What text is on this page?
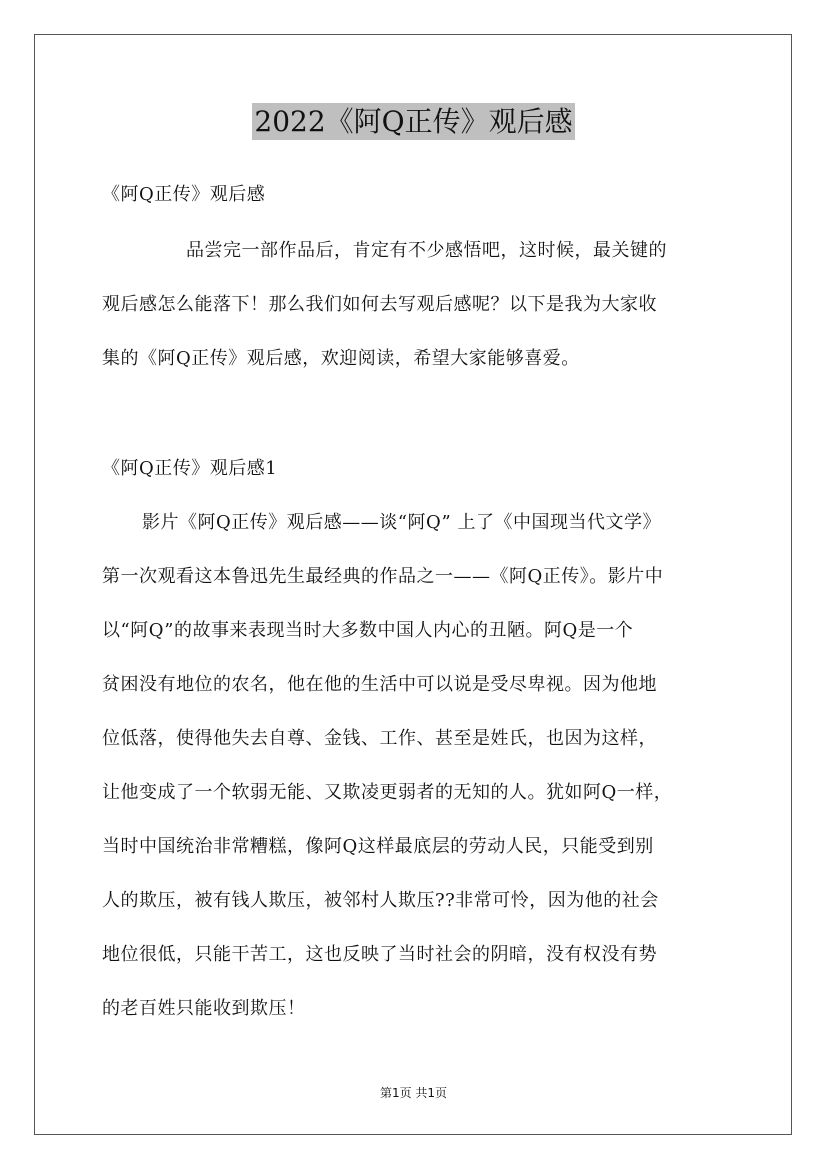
2022《阿Q正传》观后感
《阿Q正传》观后感
品尝完一部作品后，肯定有不少感悟吧，这时候，最关键的
观后感怎么能落下！那么我们如何去写观后感呢？以下是我为大家收
集的《阿Q正传》观后感，欢迎阅读，希望大家能够喜爱。
《阿Q正传》观后感1
影片《阿Q正传》观后感——谈“阿Q” 上了《中国现当代文学》
第一次观看这本鲁迅先生最经典的作品之一——《阿Q正传》。影片中
以“阿Q”的故事来表现当时大多数中国人内心的丑陋。阿Q是一个
贫困没有地位的农名，他在他的生活中可以说是受尽卑视。因为他地
位低落，使得他失去自尊、金钱、工作、甚至是姓氏，也因为这样，
让他变成了一个软弱无能、又欺凌更弱者的无知的人。犹如阿Q一样，
当时中国统治非常糟糕，像阿Q这样最底层的劳动人民，只能受到别
人的欺压，被有钱人欺压，被邻村人欺压??非常可怜，因为他的社会
地位很低，只能干苦工，这也反映了当时社会的阴暗，没有权没有势
的老百姓只能收到欺压！
第1页 共1页
